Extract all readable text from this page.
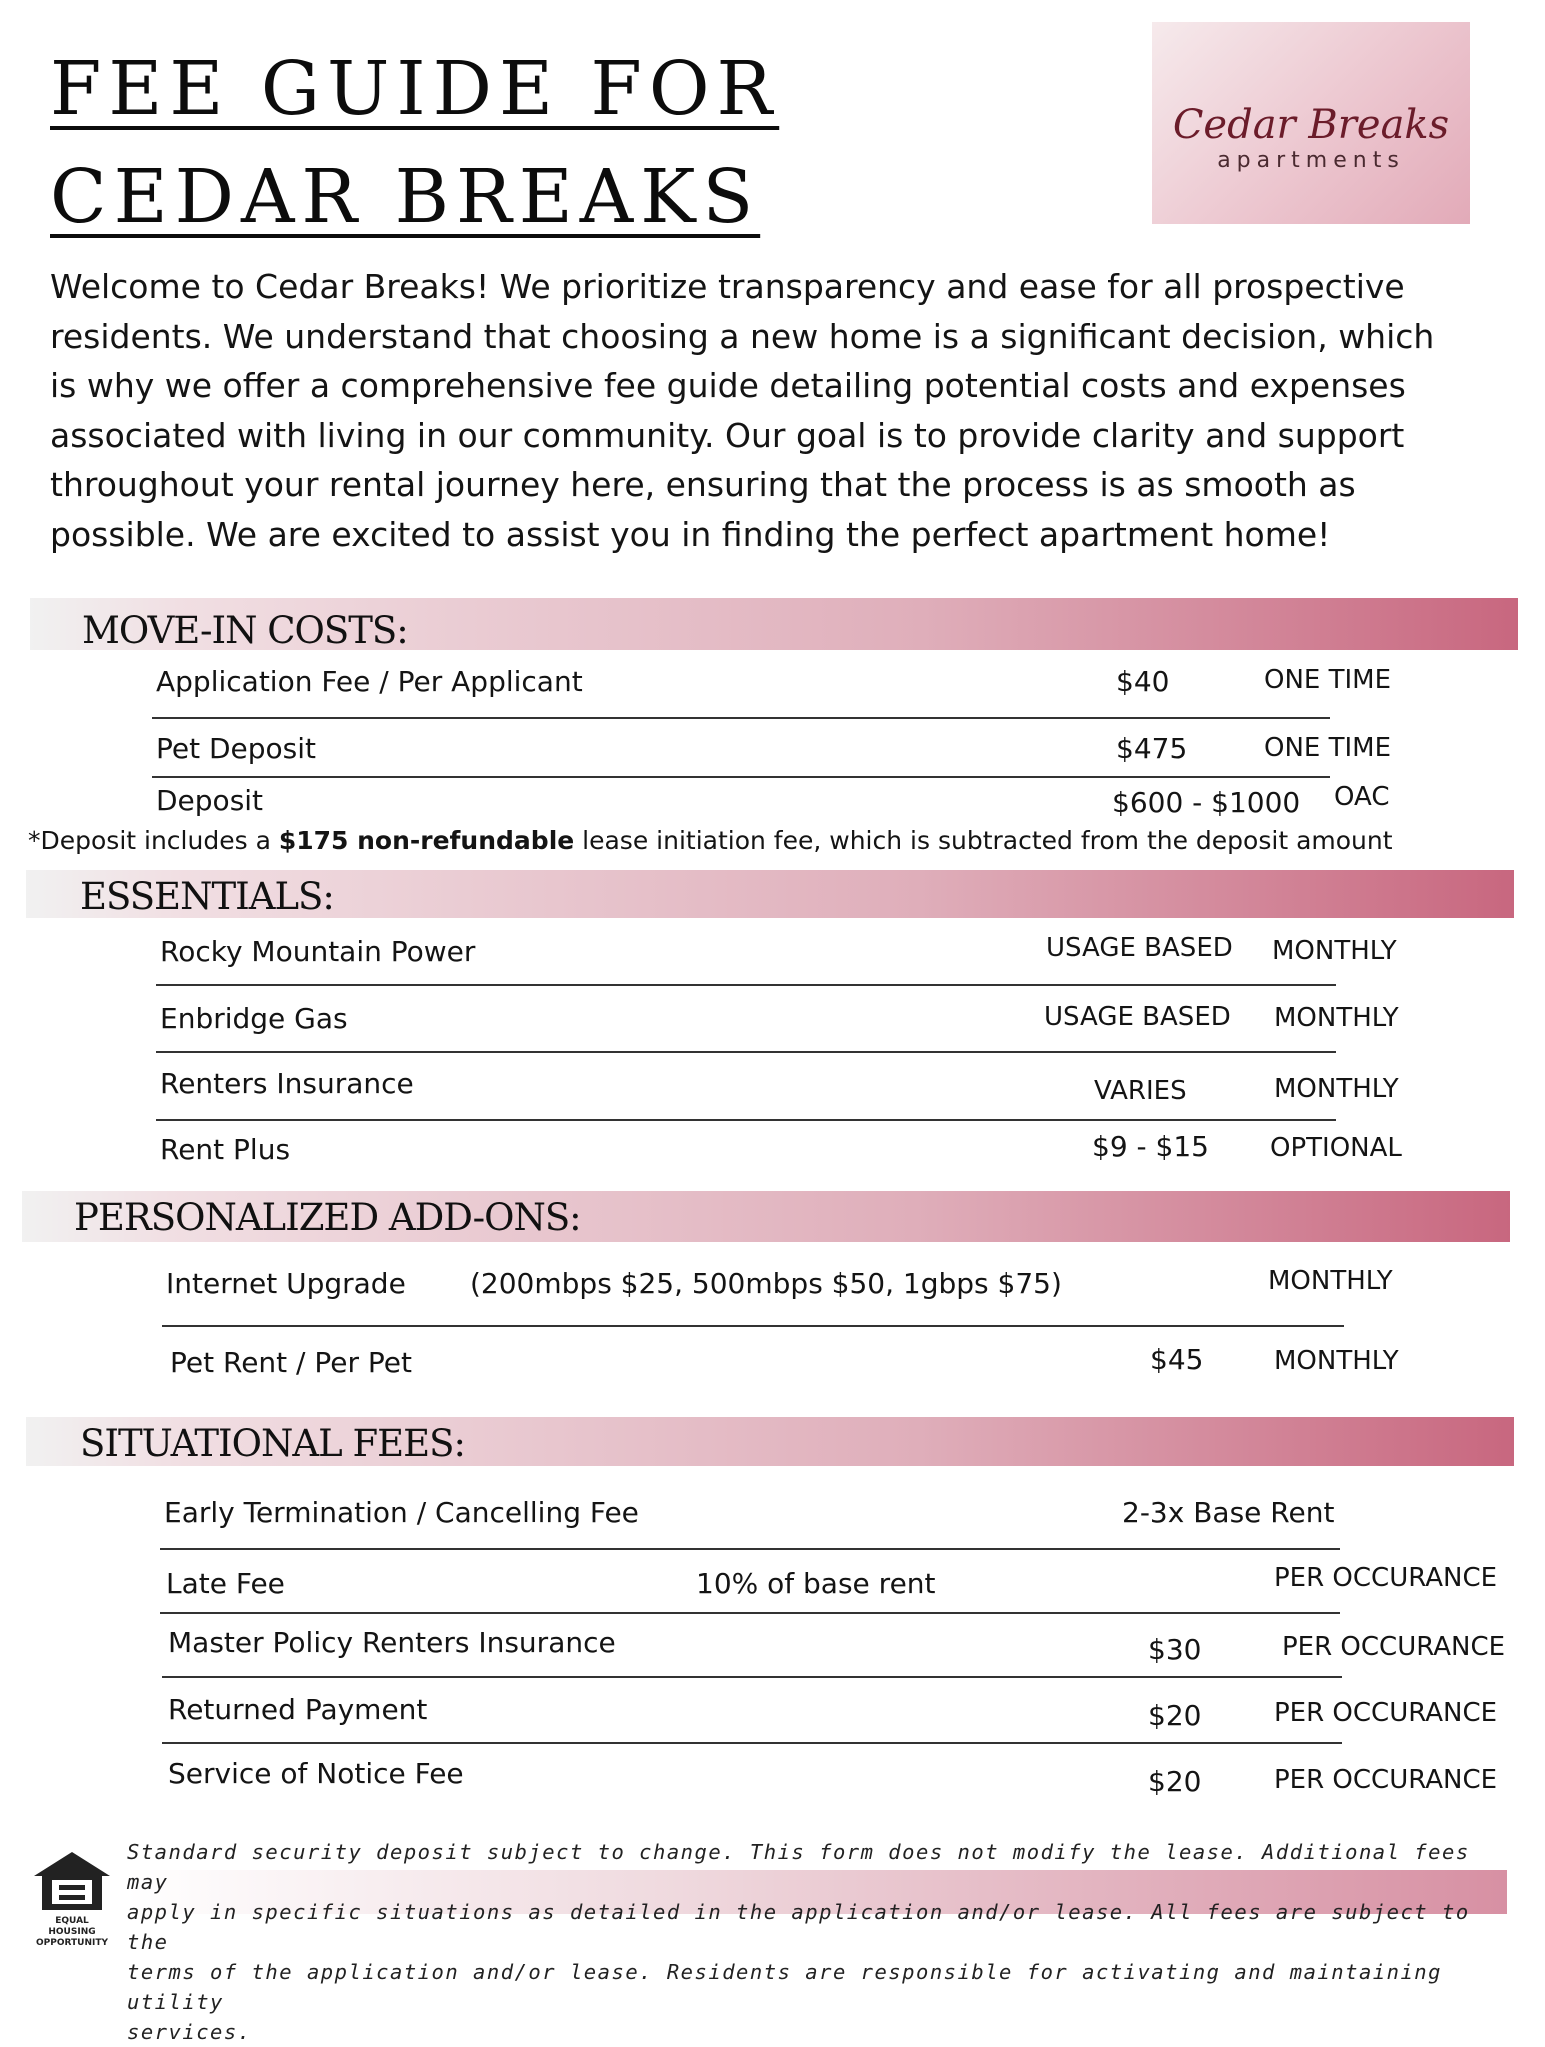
FEE GUIDE FOR
CEDAR BREAKS
Cedar Breaks
apartments
Welcome to Cedar Breaks! We prioritize transparency and ease for all prospective
residents. We understand that choosing a new home is a significant decision, which
is why we offer a comprehensive fee guide detailing potential costs and expenses
associated with living in our community. Our goal is to provide clarity and support
throughout your rental journey here, ensuring that the process is as smooth as
possible. We are excited to assist you in finding the perfect apartment home!
MOVE-IN COSTS:
Application Fee / Per Applicant	$40	ONE TIME
Pet Deposit	$475	ONE TIME
Deposit	$600 - $1000 OAC
*Deposit includes a $175 non-refundable lease initiation fee, which is subtracted from the deposit amount
ESSENTIALS:
Rocky Mountain Power	USAGE BASED MONTHLY
Enbridge Gas	USAGE BASED MONTHLY
Renters Insurance	VARIES	MONTHLY
Rent Plus	$9 - $15 OPTIONAL
PERSONALIZED ADD-ONS:
Internet Upgrade (200mbps $25, 500mbps $50, 1gbps $75)	MONTHLY
Pet Rent / Per Pet	$45	MONTHLY
SITUATIONAL FEES:
Early Termination / Cancelling Fee	2-3x Base Rent
Late Fee	10% of base rent	PER OCCURANCE
Master Policy Renters Insurance	$30	PER OCCURANCE
Returned Payment	$20	PER OCCURANCE
Service of Notice Fee	$20	PER OCCURANCE
Standard security deposit subject to change. This form does not modify the lease. Additional fees may
apply in specific situations as detailed in the application and/or lease. All fees are subject to the
terms of the application and/or lease. Residents are responsible for activating and maintaining utility
services.
EQUAL HOUSING
OPPORTUNITY
